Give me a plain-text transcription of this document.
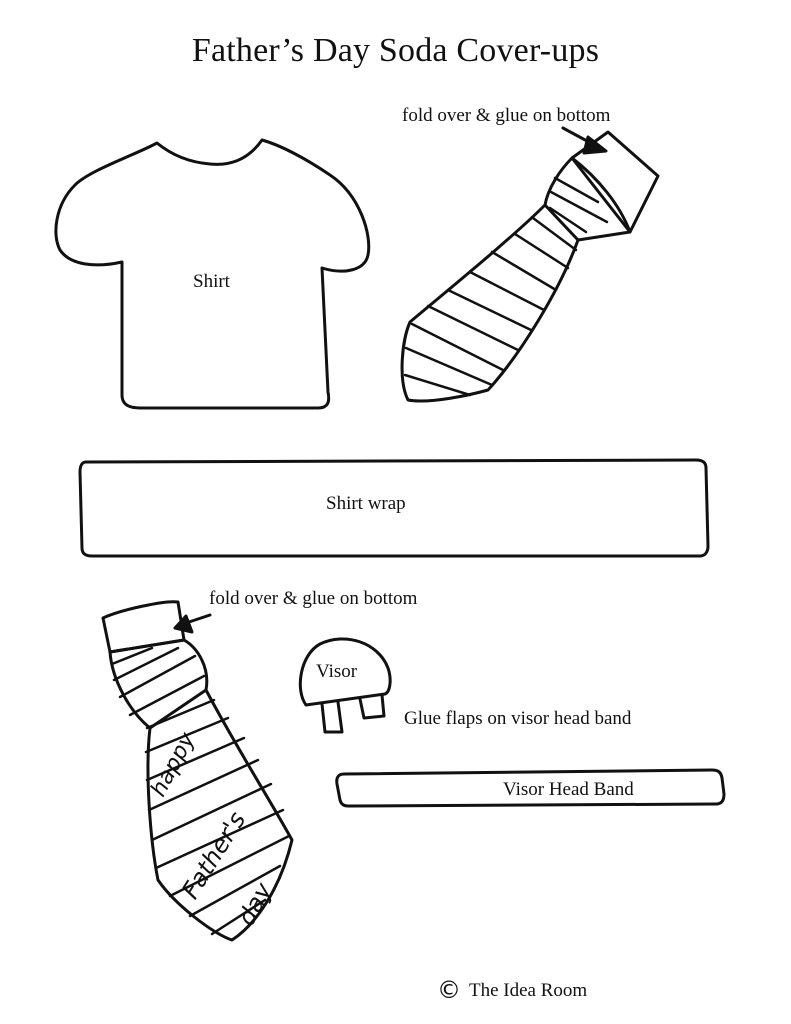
Father’s Day Soda Cover-ups
fold over & glue on bottom
Shirt
Shirt wrap
fold over & glue on bottom
Visor
Glue flaps on visor head band
Visor Head Band
happy
Father's
day
© The Idea Room
